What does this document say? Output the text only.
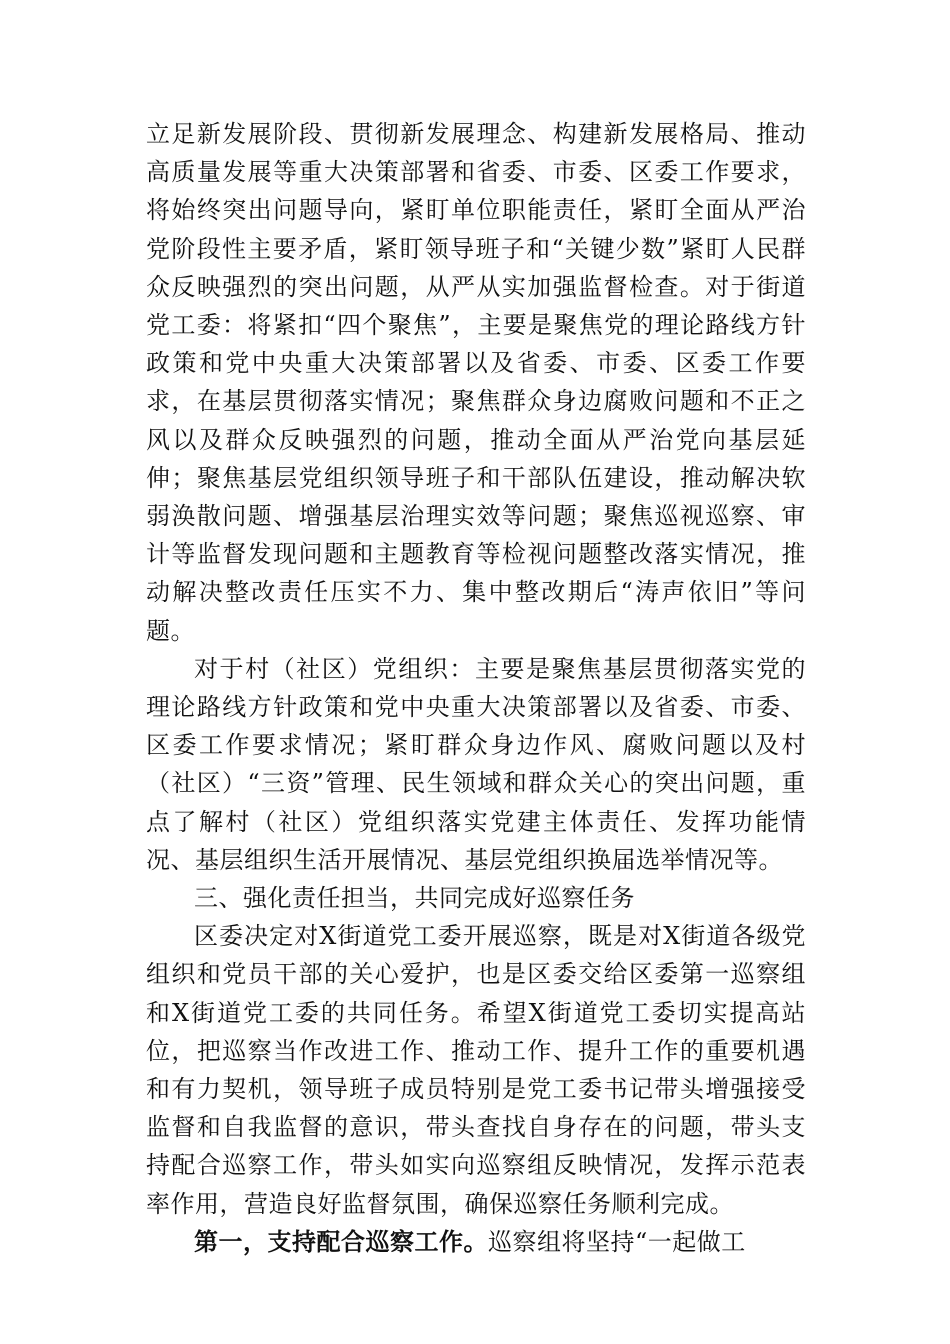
立足新发展阶段、贯彻新发展理念、构建新发展格局、推动高质量发展等重大决策部署和省委、市委、区委工作要求，将始终突出问题导向，紧盯单位职能责任，紧盯全面从严治党阶段性主要矛盾，紧盯领导班子和“关键少数”紧盯人民群众反映强烈的突出问题，从严从实加强监督检查。对于街道党工委：将紧扣“四个聚焦”，主要是聚焦党的理论路线方针政策和党中央重大决策部署以及省委、市委、区委工作要求，在基层贯彻落实情况；聚焦群众身边腐败问题和不正之风以及群众反映强烈的问题，推动全面从严治党向基层延伸；聚焦基层党组织领导班子和干部队伍建设，推动解决软弱涣散问题、增强基层治理实效等问题；聚焦巡视巡察、审计等监督发现问题和主题教育等检视问题整改落实情况，推动解决整改责任压实不力、集中整改期后“涛声依旧”等问题。

对于村（社区）党组织：主要是聚焦基层贯彻落实党的理论路线方针政策和党中央重大决策部署以及省委、市委、区委工作要求情况；紧盯群众身边作风、腐败问题以及村（社区）“三资”管理、民生领域和群众关心的突出问题，重点了解村（社区）党组织落实党建主体责任、发挥功能情况、基层组织生活开展情况、基层党组织换届选举情况等。

三、强化责任担当，共同完成好巡察任务

区委决定对X街道党工委开展巡察，既是对X街道各级党组织和党员干部的关心爱护，也是区委交给区委第一巡察组和X街道党工委的共同任务。希望X街道党工委切实提高站位，把巡察当作改进工作、推动工作、提升工作的重要机遇和有力契机，领导班子成员特别是党工委书记带头增强接受监督和自我监督的意识，带头查找自身存在的问题，带头支持配合巡察工作，带头如实向巡察组反映情况，发挥示范表率作用，营造良好监督氛围，确保巡察任务顺利完成。

第一，支持配合巡察工作。巡察组将坚持“一起做工
